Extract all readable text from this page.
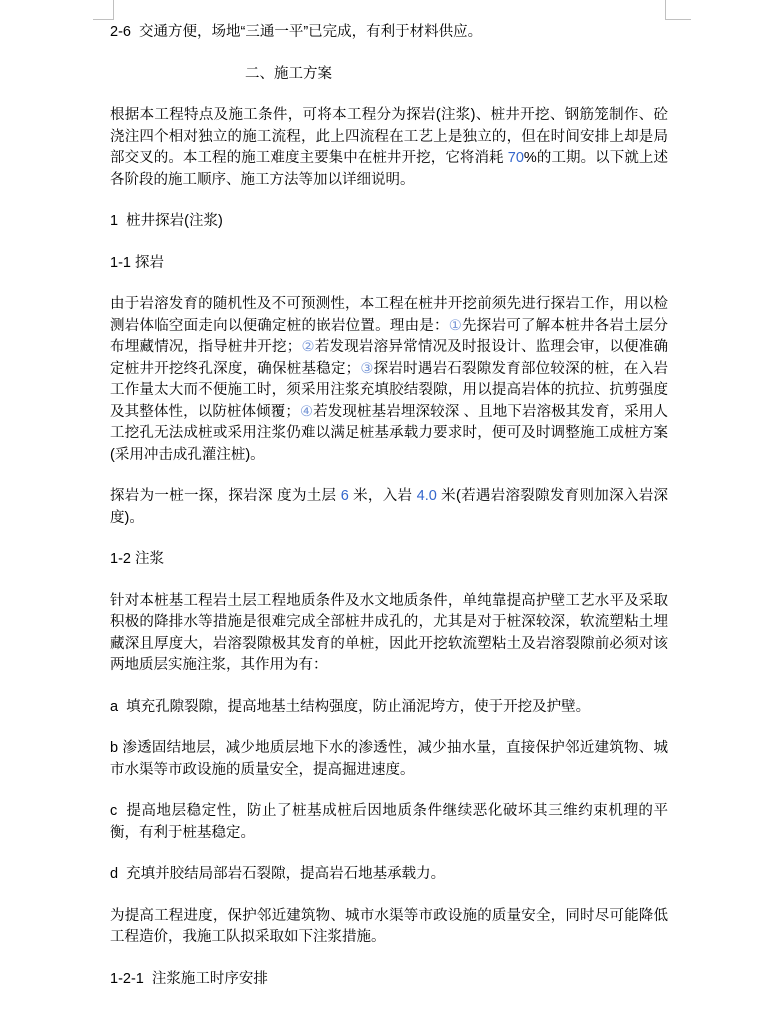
2-6  交通方便，场地“三通一平”已完成，有利于材料供应。

二、施工方案

根据本工程特点及施工条件，可将本工程分为探岩(注浆)、桩井开挖、钢筋笼制作、砼浇注四个相对独立的施工流程，此上四流程在工艺上是独立的，但在时间安排上却是局部交叉的。本工程的施工难度主要集中在桩井开挖，它将消耗 70%的工期。以下就上述各阶段的施工顺序、施工方法等加以详细说明。

1  桩井探岩(注浆)

1-1 探岩

由于岩溶发育的随机性及不可预测性，本工程在桩井开挖前须先进行探岩工作，用以检测岩体临空面走向以便确定桩的嵌岩位置。理由是：①先探岩可了解本桩井各岩土层分布埋藏情况，指导桩井开挖；②若发现岩溶异常情况及时报设计、监理会审，以便准确定桩井开挖终孔深度，确保桩基稳定；③探岩时遇岩石裂隙发育部位较深的桩，在入岩工作量太大而不便施工时，须采用注浆充填胶结裂隙，用以提高岩体的抗拉、抗剪强度及其整体性，以防桩体倾覆；④若发现桩基岩埋深较深 、且地下岩溶极其发育，采用人工挖孔无法成桩或采用注浆仍难以满足桩基承载力要求时，便可及时调整施工成桩方案(采用冲击成孔灌注桩)。

探岩为一桩一探，探岩深 度为土层 6 米，入岩 4.0 米(若遇岩溶裂隙发育则加深入岩深度)。

1-2 注浆

针对本桩基工程岩土层工程地质条件及水文地质条件，单纯靠提高护壁工艺水平及采取积极的降排水等措施是很难完成全部桩井成孔的，尤其是对于桩深较深，软流塑粘土埋藏深且厚度大，岩溶裂隙极其发育的单桩，因此开挖软流塑粘土及岩溶裂隙前必须对该两地质层实施注浆，其作用为有：

a  填充孔隙裂隙，提高地基土结构强度，防止涌泥垮方，使于开挖及护壁。

b 渗透固结地层，减少地质层地下水的渗透性，减少抽水量，直接保护邻近建筑物、城市水渠等市政设施的质量安全，提高掘进速度。

c  提高地层稳定性，防止了桩基成桩后因地质条件继续恶化破坏其三维约束机理的平衡，有利于桩基稳定。

d  充填并胶结局部岩石裂隙，提高岩石地基承载力。

为提高工程进度，保护邻近建筑物、城市水渠等市政设施的质量安全，同时尽可能降低工程造价，我施工队拟采取如下注浆措施。

1-2-1  注浆施工时序安排
